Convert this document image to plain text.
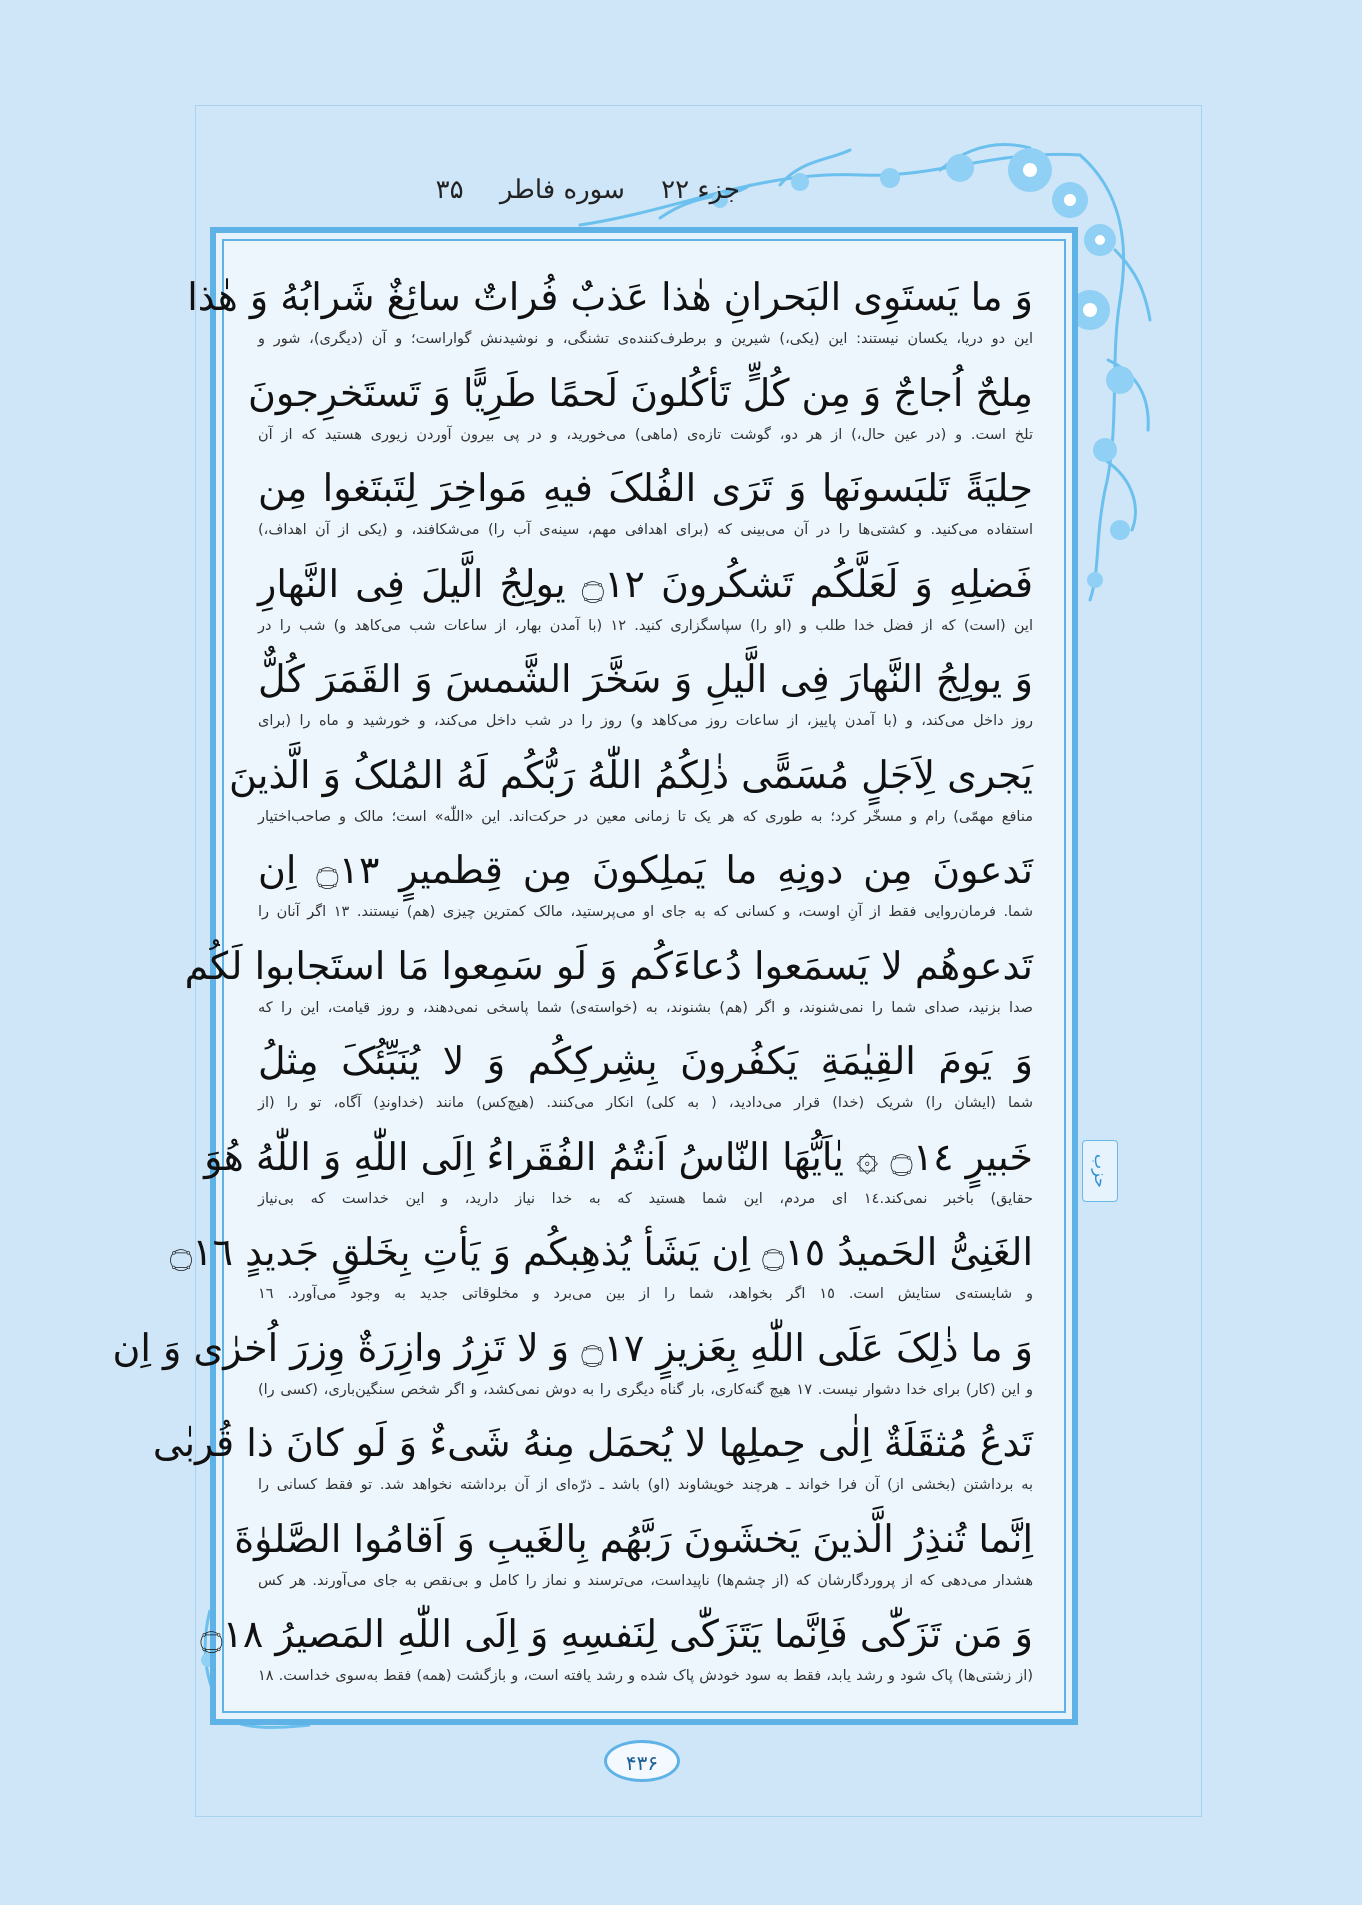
جزء ۲۲ سوره فاطر ۳۵
وَ ما یَستَوِی البَحرانِ هٰذا عَذبٌ فُراتٌ سائِغٌ شَرابُهُ وَ هٰذا
این دو دریا، یکسان نیستند: این (یکی،) شیرین و برطرف‌کننده‌ی تشنگی، و نوشیدنش گواراست؛ و آن (دیگری)، شور و
مِلحٌ اُجاجٌ وَ مِن کُلٍّ تَأکُلونَ لَحمًا طَرِیًّا وَ تَستَخرِجونَ
تلخ است. و (در عین حال،) از هر دو، گوشت تازه‌ی (ماهی) می‌خورید، و در پی بیرون آوردن زیوری هستید که از آن
حِلیَةً تَلبَسونَها وَ تَرَی الفُلکَ فیهِ مَواخِرَ لِتَبتَغوا مِن
استفاده می‌کنید. و کشتی‌ها را در آن می‌بینی که (برای اهدافی مهم، سینه‌ی آب را) می‌شکافند، و (یکی از آن اهداف،)
فَضلِهِ وَ لَعَلَّکُم تَشکُرونَ ۝١٢ یولِجُ الَّیلَ فِی النَّهارِ
این (است) که از فضل خدا طلب و (او را) سپاسگزاری کنید. ١٢ (با آمدن بهار، از ساعات شب می‌کاهد و) شب را در
وَ یولِجُ النَّهارَ فِی الَّیلِ وَ سَخَّرَ الشَّمسَ وَ القَمَرَ کُلٌّ
روز داخل می‌کند، و (با آمدن پاییز، از ساعات روز می‌کاهد و) روز را در شب داخل می‌کند، و خورشید و ماه را (برای
یَجری لِاَجَلٍ مُسَمًّی ذٰلِکُمُ اللّٰهُ رَبُّکُم لَهُ المُلکُ وَ الَّذینَ
منافع مهمّی) رام و مسخّر کرد؛ به طوری که هر یک تا زمانی معین در حرکت‌اند. این «اللّٰه» است؛ مالک و صاحب‌اختیار
تَدعونَ مِن دونِهِ ما یَملِکونَ مِن قِطمیرٍ ۝١٣ اِن
شما. فرمان‌روایی فقط از آنِ اوست، و کسانی که به جای او می‌پرستید، مالک کمترین چیزی (هم) نیستند. ١٣ اگر آنان را
تَدعوهُم لا یَسمَعوا دُعاءَکُم وَ لَو سَمِعوا مَا استَجابوا لَکُم
صدا بزنید، صدای شما را نمی‌شنوند، و اگر (هم) بشنوند، به (خواسته‌ی) شما پاسخی نمی‌دهند، و روز قیامت، این را که
وَ یَومَ القِیٰمَةِ یَکفُرونَ بِشِرکِکُم وَ لا یُنَبِّئُکَ مِثلُ
شما (ایشان را) شریک (خدا) قرار می‌دادید، ( به کلی) انکار می‌کنند. (هیچ‌کس) مانند (خداوندِ) آگاه، تو را (از
خَبیرٍ ۝١٤ ۞ یٰاَیُّهَا النّاسُ اَنتُمُ الفُقَراءُ اِلَی اللّٰهِ وَ اللّٰهُ هُوَ
حقایق) باخبر نمی‌کند.١٤ ای مردم، این شما هستید که به خدا نیاز دارید، و این خداست که بی‌نیاز
الغَنِیُّ الحَمیدُ ۝١٥ اِن یَشَأ یُذهِبکُم وَ یَأتِ بِخَلقٍ جَدیدٍ ۝١٦
و شایسته‌ی ستایش است. ١٥ اگر بخواهد، شما را از بین می‌برد و مخلوقاتی جدید به وجود می‌آورد. ١٦
وَ ما ذٰلِکَ عَلَی اللّٰهِ بِعَزیزٍ ۝١٧ وَ لا تَزِرُ وازِرَةٌ وِزرَ اُخرٰی وَ اِن
و این (کار) برای خدا دشوار نیست. ١٧ هیچ گنه‌کاری، بار گناه دیگری را به دوش نمی‌کشد، و اگر شخص سنگین‌باری، (کسی را)
تَدعُ مُثقَلَةٌ اِلٰی حِملِها لا یُحمَل مِنهُ شَیءٌ وَ لَو کانَ ذا قُربٰی
به برداشتن (بخشی از) آن فرا خواند ـ هرچند خویشاوند (او) باشد ـ ذرّه‌ای از آن برداشته نخواهد شد. تو فقط کسانی را
اِنَّما تُنذِرُ الَّذینَ یَخشَونَ رَبَّهُم بِالغَیبِ وَ اَقامُوا الصَّلوٰةَ
هشدار می‌دهی که از پروردگارشان که (از چشم‌ها) ناپیداست، می‌ترسند و نماز را کامل و بی‌نقص به جای می‌آورند. هر کس
وَ مَن تَزَکّٰی فَاِنَّما یَتَزَکّٰی لِنَفسِهِ وَ اِلَی اللّٰهِ المَصیرُ ۝١٨
(از زشتی‌ها) پاک شود و رشد یابد، فقط به سود خودش پاک شده و رشد یافته است، و بازگشت (همه) فقط به‌سوی خداست. ١٨
حزب
۴۳۶
